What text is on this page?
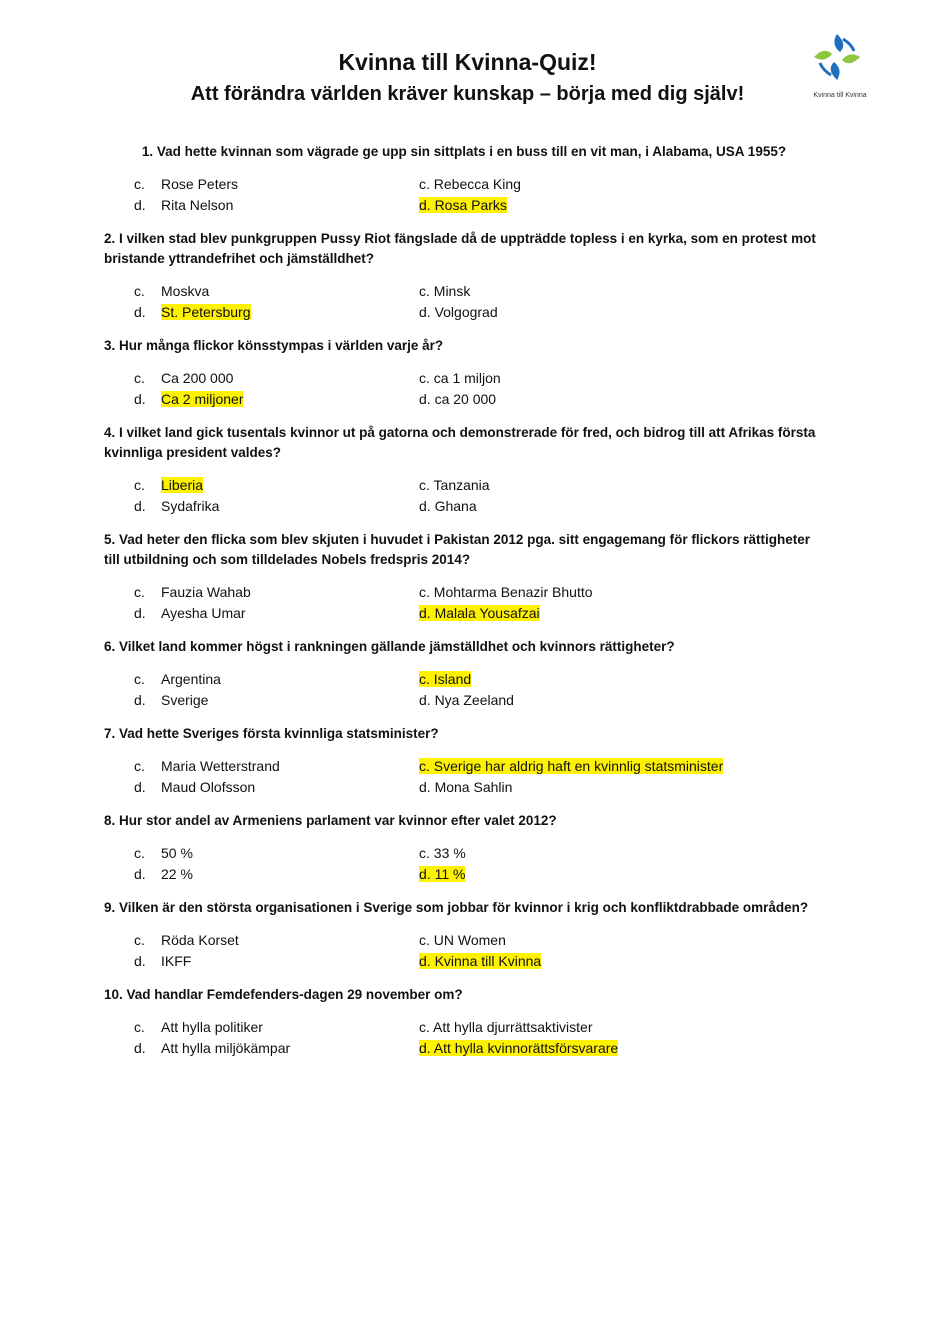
Kvinna till Kvinna
Kvinna till Kvinna-Quiz!
Att förändra världen kräver kunskap – börja med dig själv!

1. Vad hette kvinnan som vägrade ge upp sin sittplats i en buss till en vit man, i Alabama, USA 1955?

c. Rose Peters	c. Rebecca King
d. Rita Nelson	d. Rosa Parks

2. I vilken stad blev punkgruppen Pussy Riot fängslade då de uppträdde topless i en kyrka, som en protest mot bristande yttrandefrihet och jämställdhet?

c. Moskva	c. Minsk
d. St. Petersburg	d. Volgograd

3. Hur många flickor könsstympas i världen varje år?

c. Ca 200 000	c. ca 1 miljon
d. Ca 2 miljoner	d. ca 20 000

4. I vilket land gick tusentals kvinnor ut på gatorna och demonstrerade för fred, och bidrog till att Afrikas första kvinnliga president valdes?

c. Liberia	c. Tanzania
d. Sydafrika	d. Ghana

5. Vad heter den flicka som blev skjuten i huvudet i Pakistan 2012 pga. sitt engagemang för flickors rättigheter till utbildning och som tilldelades Nobels fredspris 2014?

c. Fauzia Wahab	c. Mohtarma Benazir Bhutto
d. Ayesha Umar	d. Malala Yousafzai

6. Vilket land kommer högst i rankningen gällande jämställdhet och kvinnors rättigheter?

c. Argentina	c. Island
d. Sverige	d. Nya Zeeland

7. Vad hette Sveriges första kvinnliga statsminister?

c. Maria Wetterstrand	c. Sverige har aldrig haft en kvinnlig statsminister
d. Maud Olofsson	d. Mona Sahlin

8. Hur stor andel av Armeniens parlament var kvinnor efter valet 2012?

c. 50 %	c. 33 %
d. 22 %	d. 11 %

9. Vilken är den största organisationen i Sverige som jobbar för kvinnor i krig och konfliktdrabbade områden?

c. Röda Korset	c. UN Women
d. IKFF	d. Kvinna till Kvinna

10. Vad handlar Femdefenders-dagen 29 november om?

c. Att hylla politiker	c. Att hylla djurrättsaktivister
d. Att hylla miljökämpar	d. Att hylla kvinnorättsförsvarare
